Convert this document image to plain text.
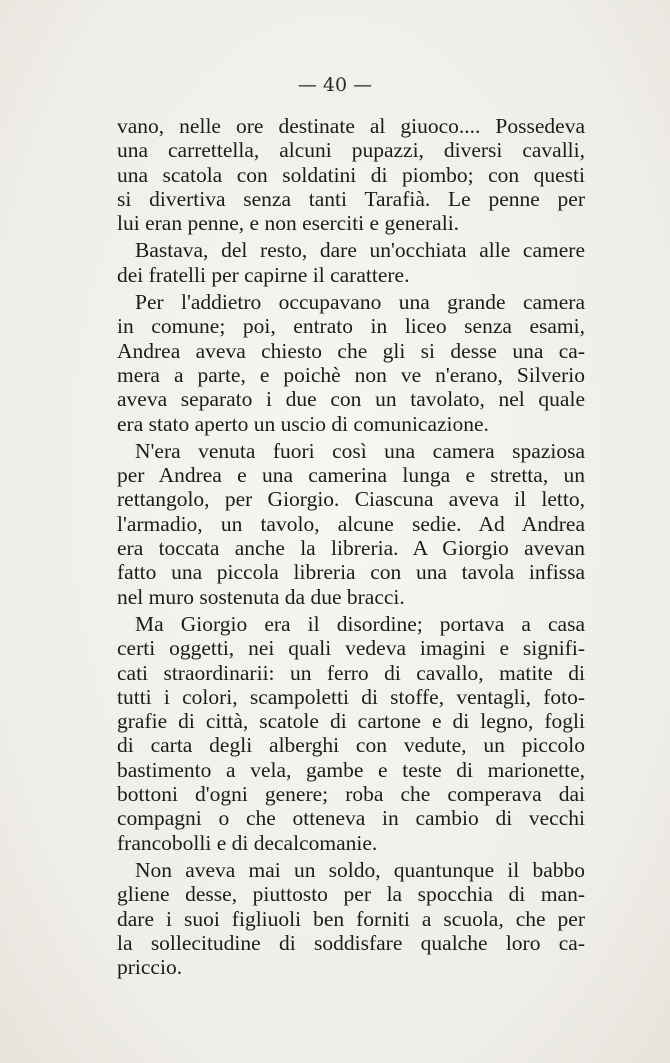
— 40 —
vano, nelle ore destinate al giuoco.... Possedeva
una carrettella, alcuni pupazzi, diversi cavalli,
una scatola con soldatini di piombo; con questi
si divertiva senza tanti Tarafià. Le penne per
lui eran penne, e non eserciti e generali.
Bastava, del resto, dare un'occhiata alle camere
dei fratelli per capirne il carattere.
Per l'addietro occupavano una grande camera
in comune; poi, entrato in liceo senza esami,
Andrea aveva chiesto che gli si desse una ca-
mera a parte, e poichè non ve n'erano, Silverio
aveva separato i due con un tavolato, nel quale
era stato aperto un uscio di comunicazione.
N'era venuta fuori così una camera spaziosa
per Andrea e una camerina lunga e stretta, un
rettangolo, per Giorgio. Ciascuna aveva il letto,
l'armadio, un tavolo, alcune sedie. Ad Andrea
era toccata anche la libreria. A Giorgio avevan
fatto una piccola libreria con una tavola infissa
nel muro sostenuta da due bracci.
Ma Giorgio era il disordine; portava a casa
certi oggetti, nei quali vedeva imagini e signifi-
cati straordinarii: un ferro di cavallo, matite di
tutti i colori, scampoletti di stoffe, ventagli, foto-
grafie di città, scatole di cartone e di legno, fogli
di carta degli alberghi con vedute, un piccolo
bastimento a vela, gambe e teste di marionette,
bottoni d'ogni genere; roba che comperava dai
compagni o che otteneva in cambio di vecchi
francobolli e di decalcomanie.
Non aveva mai un soldo, quantunque il babbo
gliene desse, piuttosto per la spocchia di man-
dare i suoi figliuoli ben forniti a scuola, che per
la sollecitudine di soddisfare qualche loro ca-
priccio.
